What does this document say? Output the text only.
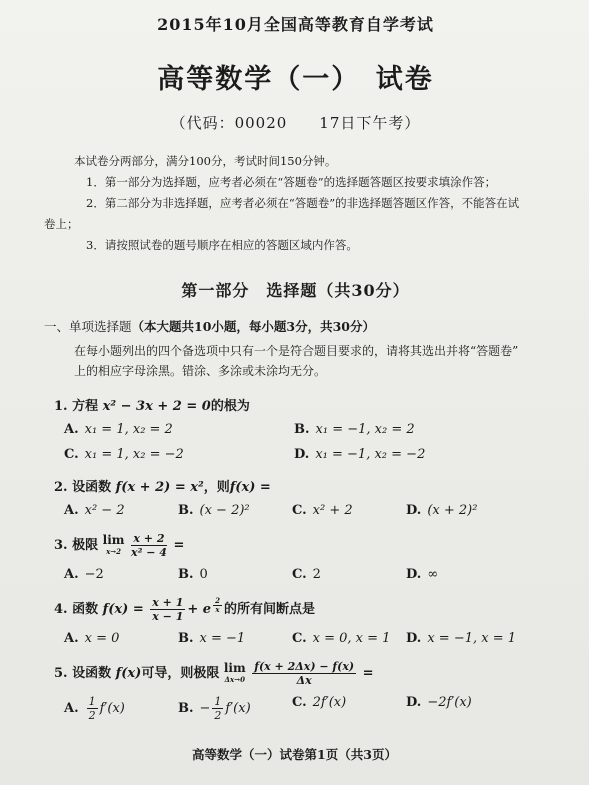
2015年10月全国高等教育自学考试
高等数学（一）　试卷
（代码：00020　　17日下午考）
本试卷分两部分，满分100分，考试时间150分钟。
1．第一部分为选择题，应考者必须在“答题卷”的选择题答题区按要求填涂作答；
2．第二部分为非选择题，应考者必须在“答题卷”的非选择题答题区作答，不能答在试
卷上；
3．请按照试卷的题号顺序在相应的答题区域内作答。
第一部分　选择题（共30分）
一、单项选择题（本大题共10小题，每小题3分，共30分）
在每小题列出的四个备选项中只有一个是符合题目要求的，请将其选出并将“答题卷”
上的相应字母涂黑。错涂、多涂或未涂均无分。
1. 方程 x² − 3x + 2 = 0的根为
A. x₁ = 1, x₂ = 2	B. x₁ = −1, x₂ = 2
C. x₁ = 1, x₂ = −2	D. x₁ = −1, x₂ = −2
2. 设函数 f(x + 2) = x²，则f(x) =
A. x² − 2	B. (x − 2)²	C. x² + 2	D. (x + 2)²
3. 极限 lim
x→2
$\frac{x + 2}{\text{x² − 4}}$ =
A. −2	B. 0	C. 2	D. ∞
4. 函数 $f(x) = \frac{x + 1}{x - 1} + e$ $^{\frac{2}{x}}$ 的所有间断点是
A. x = 0	B. x = −1	C. x = 0, x = 1	D. x = −1, x = 1
5. 设函数 f(x)可导，则极限 lim
Δx→0
$\frac{f(x + 2\Delta x) - f(x)}{\Delta x}$ =
A. $\frac{1}{2} f'(x)$	B. − $\frac{1}{2} f'(x)$	C. 2f′(x)	D. −2f′(x)
高等数学（一）试卷第1页（共3页）
